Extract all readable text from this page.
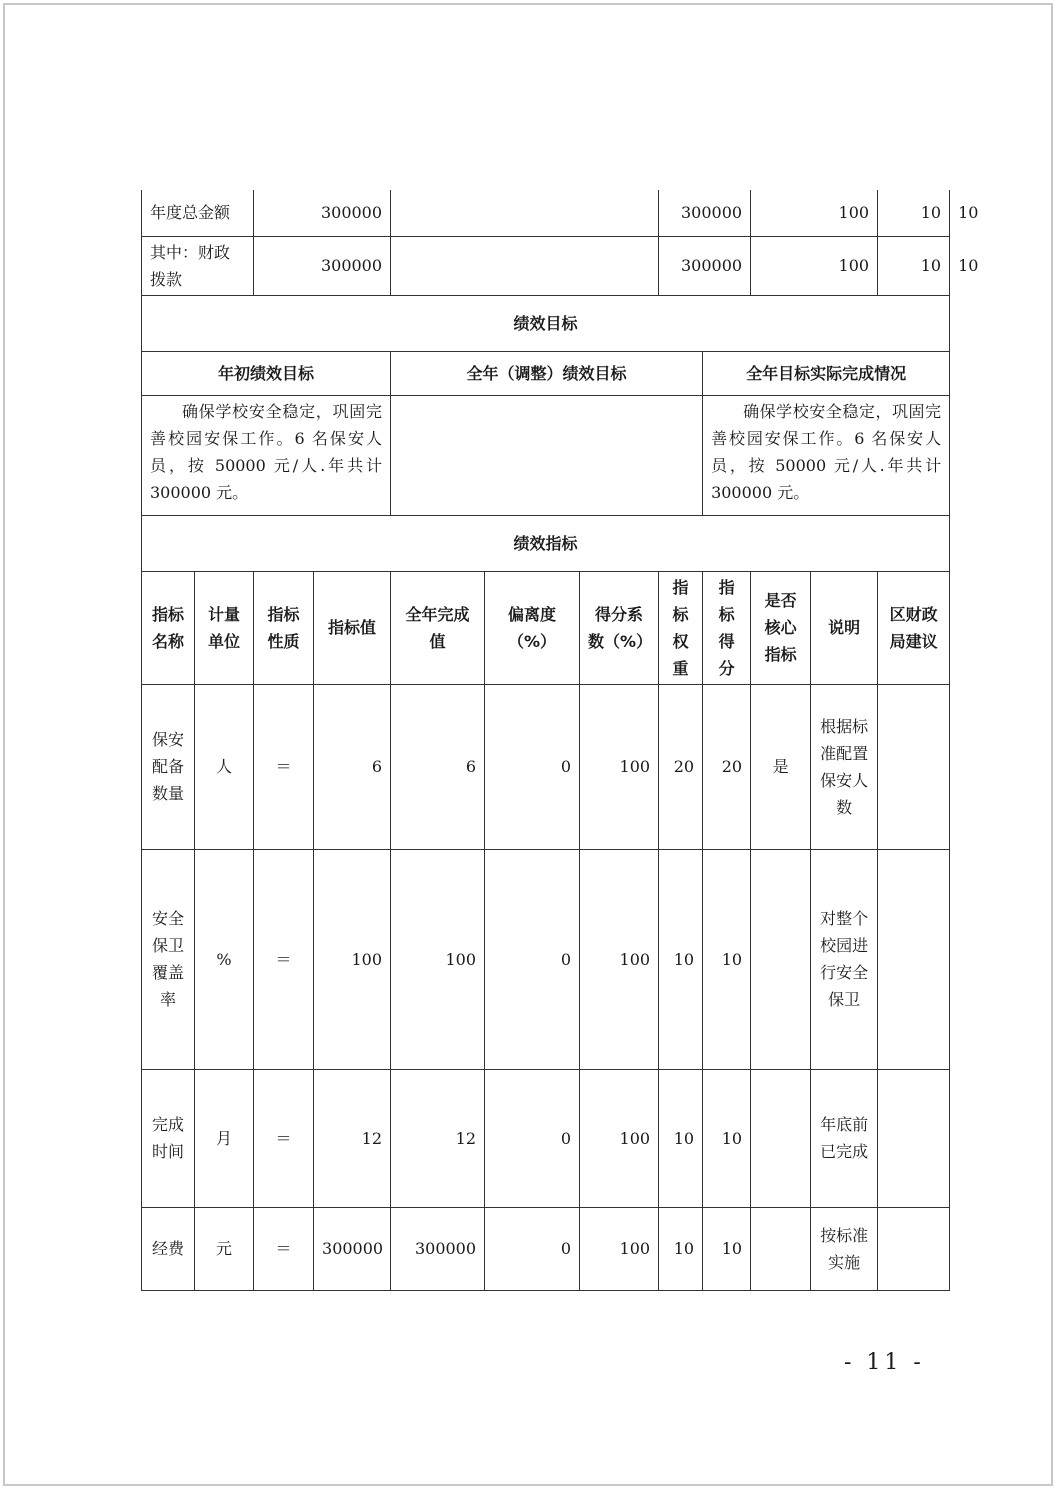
年度总金额		300000					300000		100		10	10
其中：财政拨款		300000					300000		100		10	10
绩效目标												
年初绩效目标				全年（调整）绩效目标				全年目标实际完成情况				
确保学校安全稳定，巩固完善校园安保工作。6 名保安人员，按 50000 元/人.年共计 300000 元。								确保学校安全稳定，巩固完善校园安保工作。6 名保安人员，按 50000 元/人.年共计 300000 元。				
绩效指标												
指标名称	计量单位	指标性质	指标值	全年完成值	偏离度（%）	得分系数（%）	指标权重	指标得分	是否核心指标	说明	区财政局建议	
保安配备数量	人	＝	6	6	0	100	20	20	是	根据标准配置保安人数		
安全保卫覆盖率	%	＝	100	100	0	100	10	10		对整个校园进行安全保卫		
完成时间	月	＝	12	12	0	100	10	10		年底前已完成		
经费	元	＝	300000	300000	0	100	10	10		按标准实施		
- 11 -
